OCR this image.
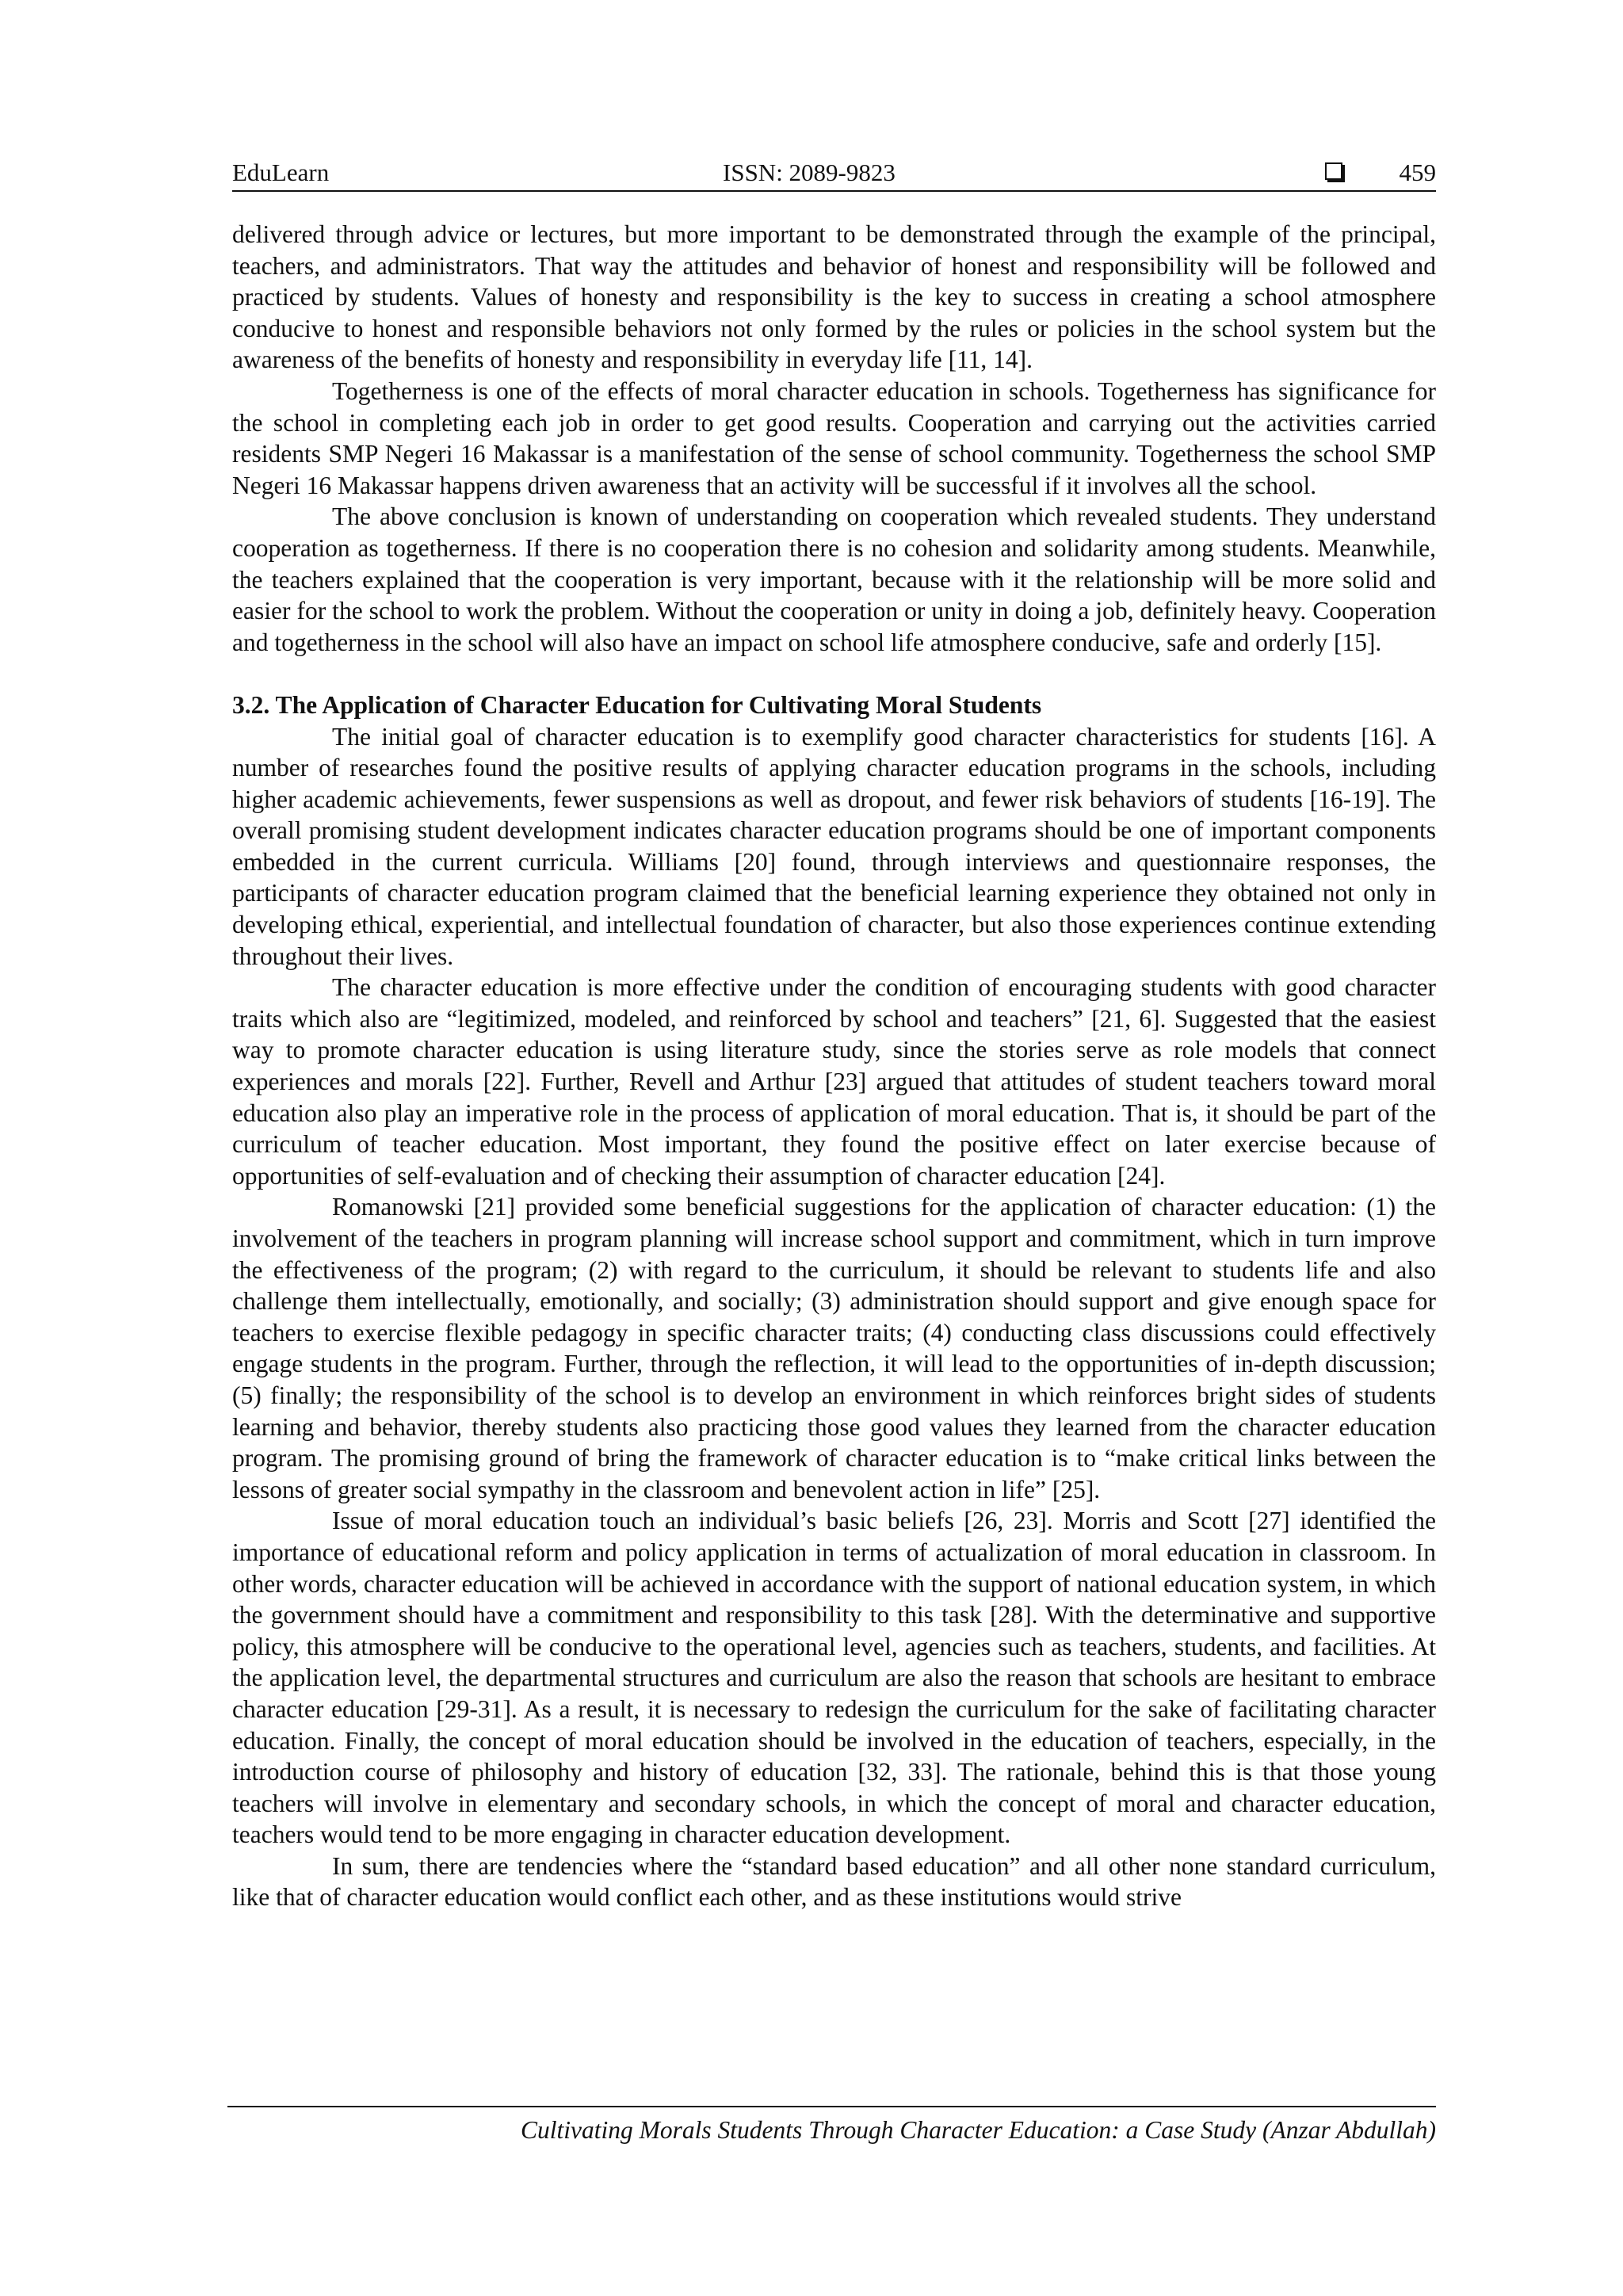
EduLearn	ISSN: 2089-9823	459

delivered through advice or lectures, but more important to be demonstrated through the example of the principal, teachers, and administrators. That way the attitudes and behavior of honest and responsibility will be followed and practiced by students. Values of honesty and responsibility is the key to success in creating a school atmosphere conducive to honest and responsible behaviors not only formed by the rules or policies in the school system but the awareness of the benefits of honesty and responsibility in everyday life [11, 14].

Togetherness is one of the effects of moral character education in schools. Togetherness has significance for the school in completing each job in order to get good results. Cooperation and carrying out the activities carried residents SMP Negeri 16 Makassar is a manifestation of the sense of school community. Togetherness the school SMP Negeri 16 Makassar happens driven awareness that an activity will be successful if it involves all the school.

The above conclusion is known of understanding on cooperation which revealed students. They understand cooperation as togetherness. If there is no cooperation there is no cohesion and solidarity among students. Meanwhile, the teachers explained that the cooperation is very important, because with it the relationship will be more solid and easier for the school to work the problem. Without the cooperation or unity in doing a job, definitely heavy. Cooperation and togetherness in the school will also have an impact on school life atmosphere conducive, safe and orderly [15].

3.2. The Application of Character Education for Cultivating Moral Students

The initial goal of character education is to exemplify good character characteristics for students [16]. A number of researches found the positive results of applying character education programs in the schools, including higher academic achievements, fewer suspensions as well as dropout, and fewer risk behaviors of students [16-19]. The overall promising student development indicates character education programs should be one of important components embedded in the current curricula. Williams [20] found, through interviews and questionnaire responses, the participants of character education program claimed that the beneficial learning experience they obtained not only in developing ethical, experiential, and intellectual foundation of character, but also those experiences continue extending throughout their lives.

The character education is more effective under the condition of encouraging students with good character traits which also are “legitimized, modeled, and reinforced by school and teachers” [21, 6]. Suggested that the easiest way to promote character education is using literature study, since the stories serve as role models that connect experiences and morals [22]. Further, Revell and Arthur [23] argued that attitudes of student teachers toward moral education also play an imperative role in the process of application of moral education. That is, it should be part of the curriculum of teacher education. Most important, they found the positive effect on later exercise because of opportunities of self-evaluation and of checking their assumption of character education [24].

Romanowski [21] provided some beneficial suggestions for the application of character education: (1) the involvement of the teachers in program planning will increase school support and commitment, which in turn improve the effectiveness of the program; (2) with regard to the curriculum, it should be relevant to students life and also challenge them intellectually, emotionally, and socially; (3) administration should support and give enough space for teachers to exercise flexible pedagogy in specific character traits; (4) conducting class discussions could effectively engage students in the program. Further, through the reflection, it will lead to the opportunities of in-depth discussion; (5) finally; the responsibility of the school is to develop an environment in which reinforces bright sides of students learning and behavior, thereby students also practicing those good values they learned from the character education program. The promising ground of bring the framework of character education is to “make critical links between the lessons of greater social sympathy in the classroom and benevolent action in life” [25].

Issue of moral education touch an individual’s basic beliefs [26, 23]. Morris and Scott [27] identified the importance of educational reform and policy application in terms of actualization of moral education in classroom. In other words, character education will be achieved in accordance with the support of national education system, in which the government should have a commitment and responsibility to this task [28]. With the determinative and supportive policy, this atmosphere will be conducive to the operational level, agencies such as teachers, students, and facilities. At the application level, the departmental structures and curriculum are also the reason that schools are hesitant to embrace character education [29-31]. As a result, it is necessary to redesign the curriculum for the sake of facilitating character education. Finally, the concept of moral education should be involved in the education of teachers, especially, in the introduction course of philosophy and history of education [32, 33]. The rationale, behind this is that those young teachers will involve in elementary and secondary schools, in which the concept of moral and character education, teachers would tend to be more engaging in character education development.

In sum, there are tendencies where the “standard based education” and all other none standard curriculum, like that of character education would conflict each other, and as these institutions would strive

Cultivating Morals Students Through Character Education: a Case Study (Anzar Abdullah)
